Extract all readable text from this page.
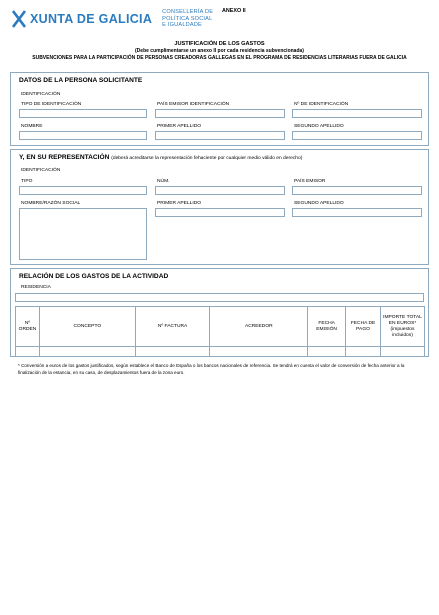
XUNTA DE GALICIA CONSELLERÍA DE
POLÍTICA SOCIAL
E IGUALDADE
ANEXO II
JUSTIFICACIÓN DE LOS GASTOS
(Debe cumplimentarse un anexo II por cada residencia subvencionada)
SUBVENCIONES PARA LA PARTICIPACIÓN DE PERSONAS CREADORAS GALLEGAS EN EL PROGRAMA DE RESIDENCIAS LITERARIAS FUERA DE GALICIA
DATOS DE LA PERSONA SOLICITANTE
IDENTIFICACIÓN
TIPO DE IDENTIFICACIÓN	PAÍS EMISOR IDENTIFICACIÓN	Nº DE IDENTIFICACIÓN
NOMBRE	PRIMER APELLIDO	SEGUNDO APELLIDO
Y, EN SU REPRESENTACIÓN (deberá acreditarse la representación fehaciente por cualquier medio válido en derecho)
IDENTIFICACIÓN
TIPO	NÚM.	PAÍS EMISOR
NOMBRE/RAZÓN SOCIAL	PRIMER APELLIDO	SEGUNDO APELLIDO
RELACIÓN DE LOS GASTOS DE LA ACTIVIDAD
RESIDENCIA
Nº ORDEN	CONCEPTO	Nº FACTURA	ACREEDOR	FECHA EMISIÓN	FECHA DE PAGO	IMPORTE TOTAL EN EUROS* (impuestos incluidos)

* Conversión a euros de los gastos justificados, según establece el Banco de España o los bancos nacionales de referencia. Se tendrá en cuenta el valor de conversión de fecha anterior a la finalización de la estancia, en su caso, de desplazamientos fuera de la zona euro.
